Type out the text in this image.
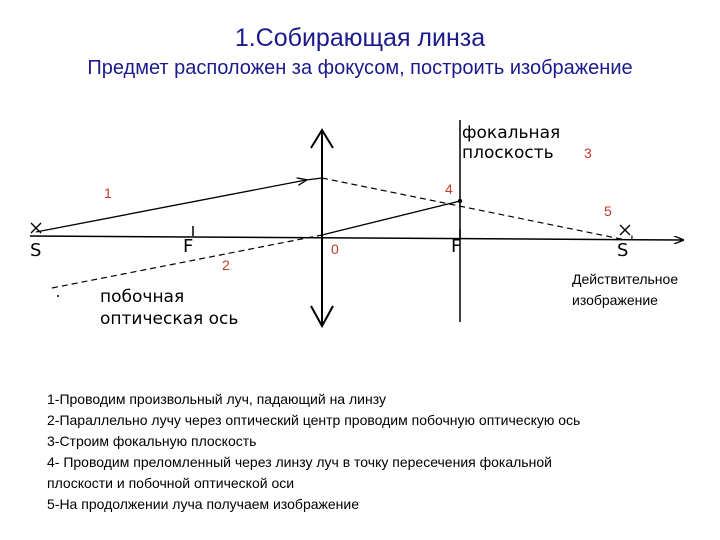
1.Собирающая линза
Предмет расположен за фокусом, построить изображение
фокальная
плоскость 3
4
1
5
2
S	F	0	F	S '
Действительное
изображение
побочная
оптическая ось
1-Проводим произвольный луч, падающий на линзу
2-Параллельно лучу через оптический центр проводим побочную оптическую ось
3-Строим фокальную плоскость
4- Проводим преломленный через линзу луч в точку пересечения фокальной
плоскости и побочной оптической оси
5-На продолжении луча получаем изображение
